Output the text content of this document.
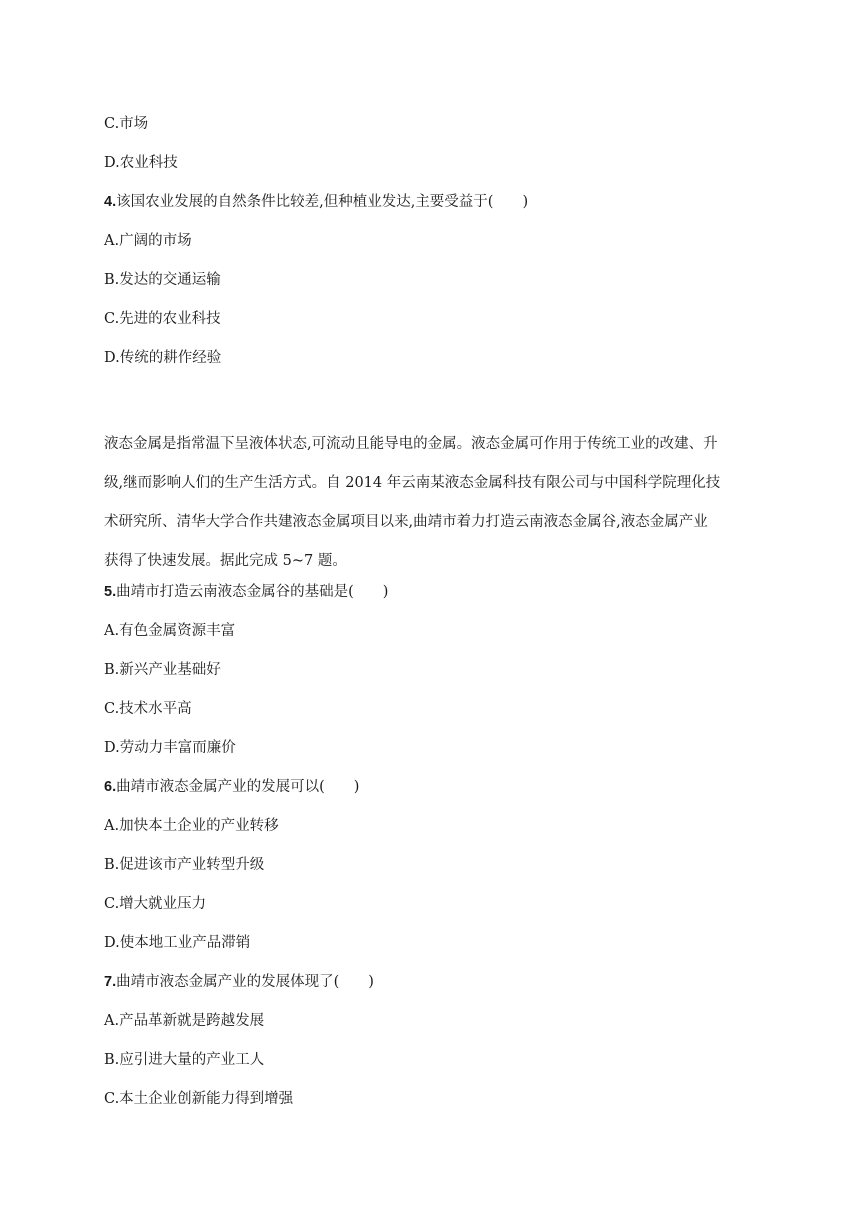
C.市场
D.农业科技
4.该国农业发展的自然条件比较差,但种植业发达,主要受益于(　　)
A.广阔的市场
B.发达的交通运输
C.先进的农业科技
D.传统的耕作经验
液态金属是指常温下呈液体状态,可流动且能导电的金属。液态金属可作用于传统工业的改建、升
级,继而影响人们的生产生活方式。自 2014 年云南某液态金属科技有限公司与中国科学院理化技
术研究所、清华大学合作共建液态金属项目以来,曲靖市着力打造云南液态金属谷,液态金属产业
获得了快速发展。据此完成 5~7 题。
5.曲靖市打造云南液态金属谷的基础是(　　)
A.有色金属资源丰富
B.新兴产业基础好
C.技术水平高
D.劳动力丰富而廉价
6.曲靖市液态金属产业的发展可以(　　)
A.加快本土企业的产业转移
B.促进该市产业转型升级
C.增大就业压力
D.使本地工业产品滞销
7.曲靖市液态金属产业的发展体现了(　　)
A.产品革新就是跨越发展
B.应引进大量的产业工人
C.本土企业创新能力得到增强
